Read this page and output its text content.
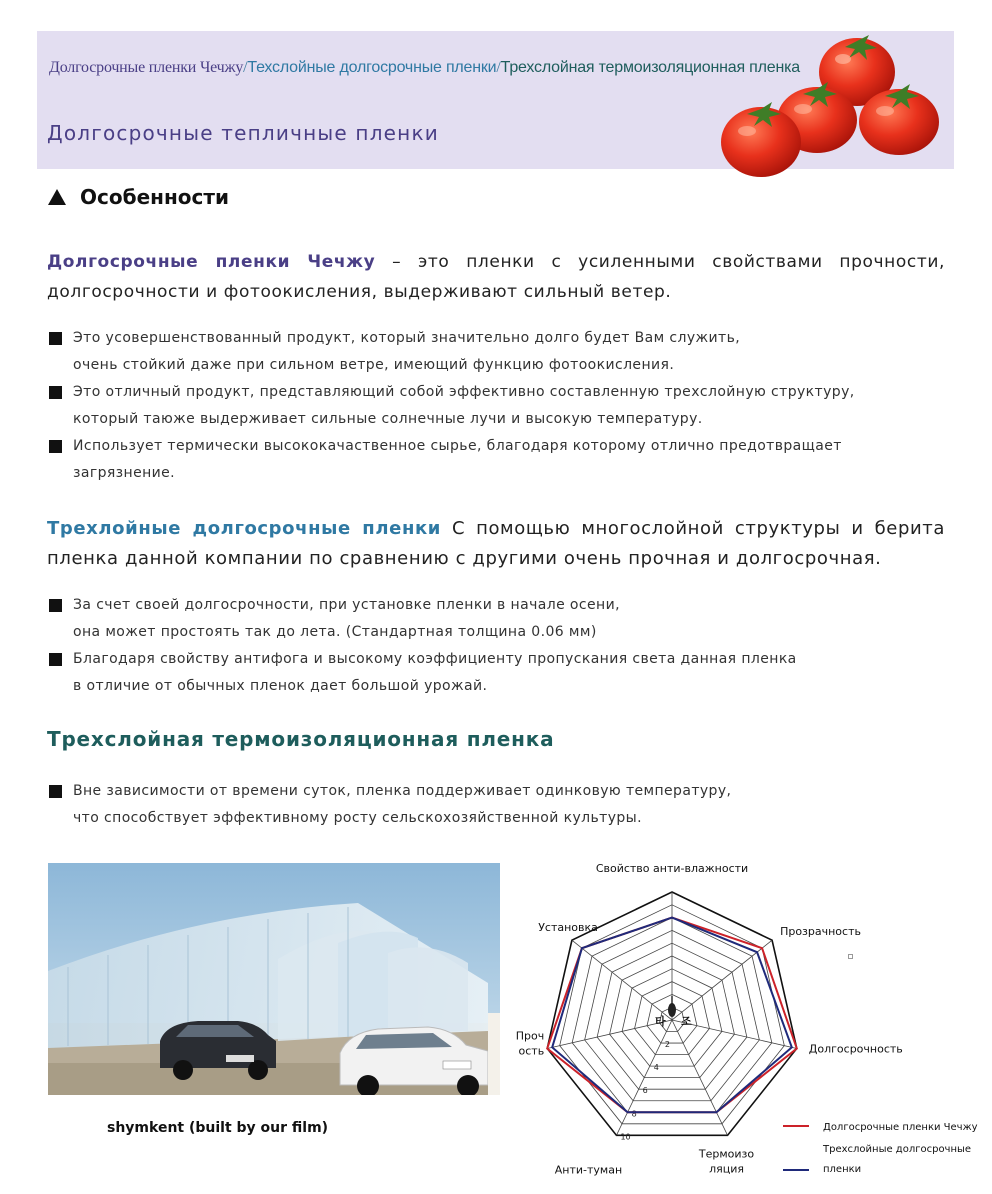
Долгосрочные пленки Чечжу/Техслойные долгосрочные пленки/Трехслойная термоизоляционная пленка
Долгосрочные тепличные пленки
Особенности

Долгосрочные пленки Чечжу – это пленки с усиленными свойствами прочности, долгосрочности и фотоокисления, выдерживают сильный ветер.

Это усовершенствованный продукт, который значительно долго будет Вам служить,
очень стойкий даже при сильном ветре, имеющий функцию фотоокисления.
Это отличный продукт, представляющий собой эффективно составленную трехслойную структуру,
который таюже выдерживает сильные солнечные лучи и высокую температуру.
Испoльзует термически высококачаственное сырье, благодаря которому отлично предотвращает
загрязнение.

Трехлойные долгосрочные пленки С помощью многослойной структуры и берита пленка данной компании по сравнению с другими очень прочная и долгосрочная.

За счет своей долгосрочности, при установке пленки в начале осени,
она может простоять так до лета. (Стандартная толщина 0.06 мм)
Благодаря свойству антифога и высокому коэффициенту пропускания света данная пленка
в отличие от обычных пленок дает большой урожай.
Трехслойная термоизоляционная пленка
Вне зависимости от времени суток, пленка поддерживает одинковую температуру,
что способствует эффективному росту сельскохозяйственной культуры.
shymkent (built by our film)
2
4
6
8
10
타 조
Свойство анти-влажности
Прозрачность
Долгосрочность
Термоизо
ляция
Анти-туман
Проч
ость
Установка
Долгосрочные пленки Чечжу
Трехслойные долгосрочные
пленки
